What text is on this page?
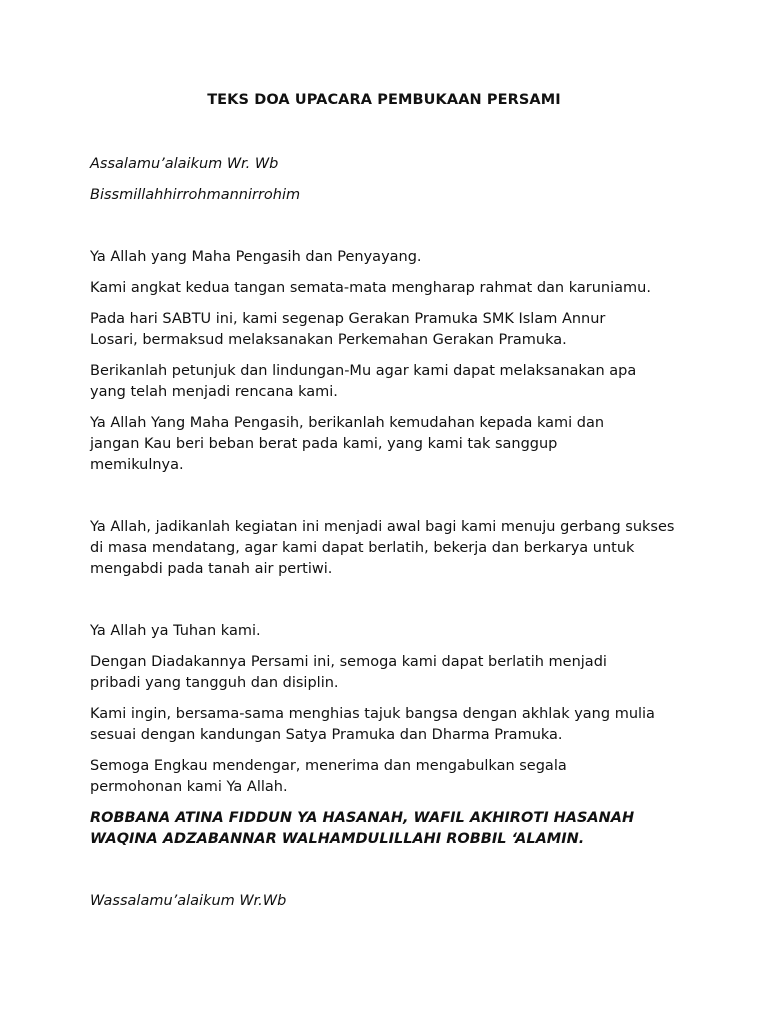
TEKS DOA UPACARA PEMBUKAAN PERSAMI

Assalamu’alaikum Wr. Wb

Bissmillahhirrohmannirrohim

Ya Allah yang Maha Pengasih dan Penyayang.

Kami angkat kedua tangan semata-mata mengharap rahmat dan karuniamu.

Pada hari SABTU ini, kami segenap Gerakan Pramuka SMK Islam Annur Losari, bermaksud melaksanakan Perkemahan Gerakan Pramuka.

Berikanlah petunjuk dan lindungan-Mu agar kami dapat melaksanakan apa yang telah menjadi rencana kami.

Ya Allah Yang Maha Pengasih, berikanlah kemudahan kepada kami dan jangan Kau beri beban berat pada kami, yang kami tak sanggup memikulnya.

Ya Allah, jadikanlah kegiatan ini menjadi awal bagi kami menuju gerbang sukses di masa mendatang, agar kami dapat berlatih, bekerja dan berkarya untuk mengabdi pada tanah air pertiwi.

Ya Allah ya Tuhan kami.

Dengan Diadakannya Persami ini, semoga kami dapat berlatih menjadi pribadi yang tangguh dan disiplin.

Kami ingin, bersama-sama menghias tajuk bangsa dengan akhlak yang mulia sesuai dengan kandungan Satya Pramuka dan Dharma Pramuka.

Semoga Engkau mendengar, menerima dan mengabulkan segala permohonan kami Ya Allah.

ROBBANA ATINA FIDDUN YA HASANAH, WAFIL AKHIROTI HASANAH WAQINA ADZABANNAR WALHAMDULILLAHI ROBBIL ‘ALAMIN.

Wassalamu’alaikum Wr.Wb
